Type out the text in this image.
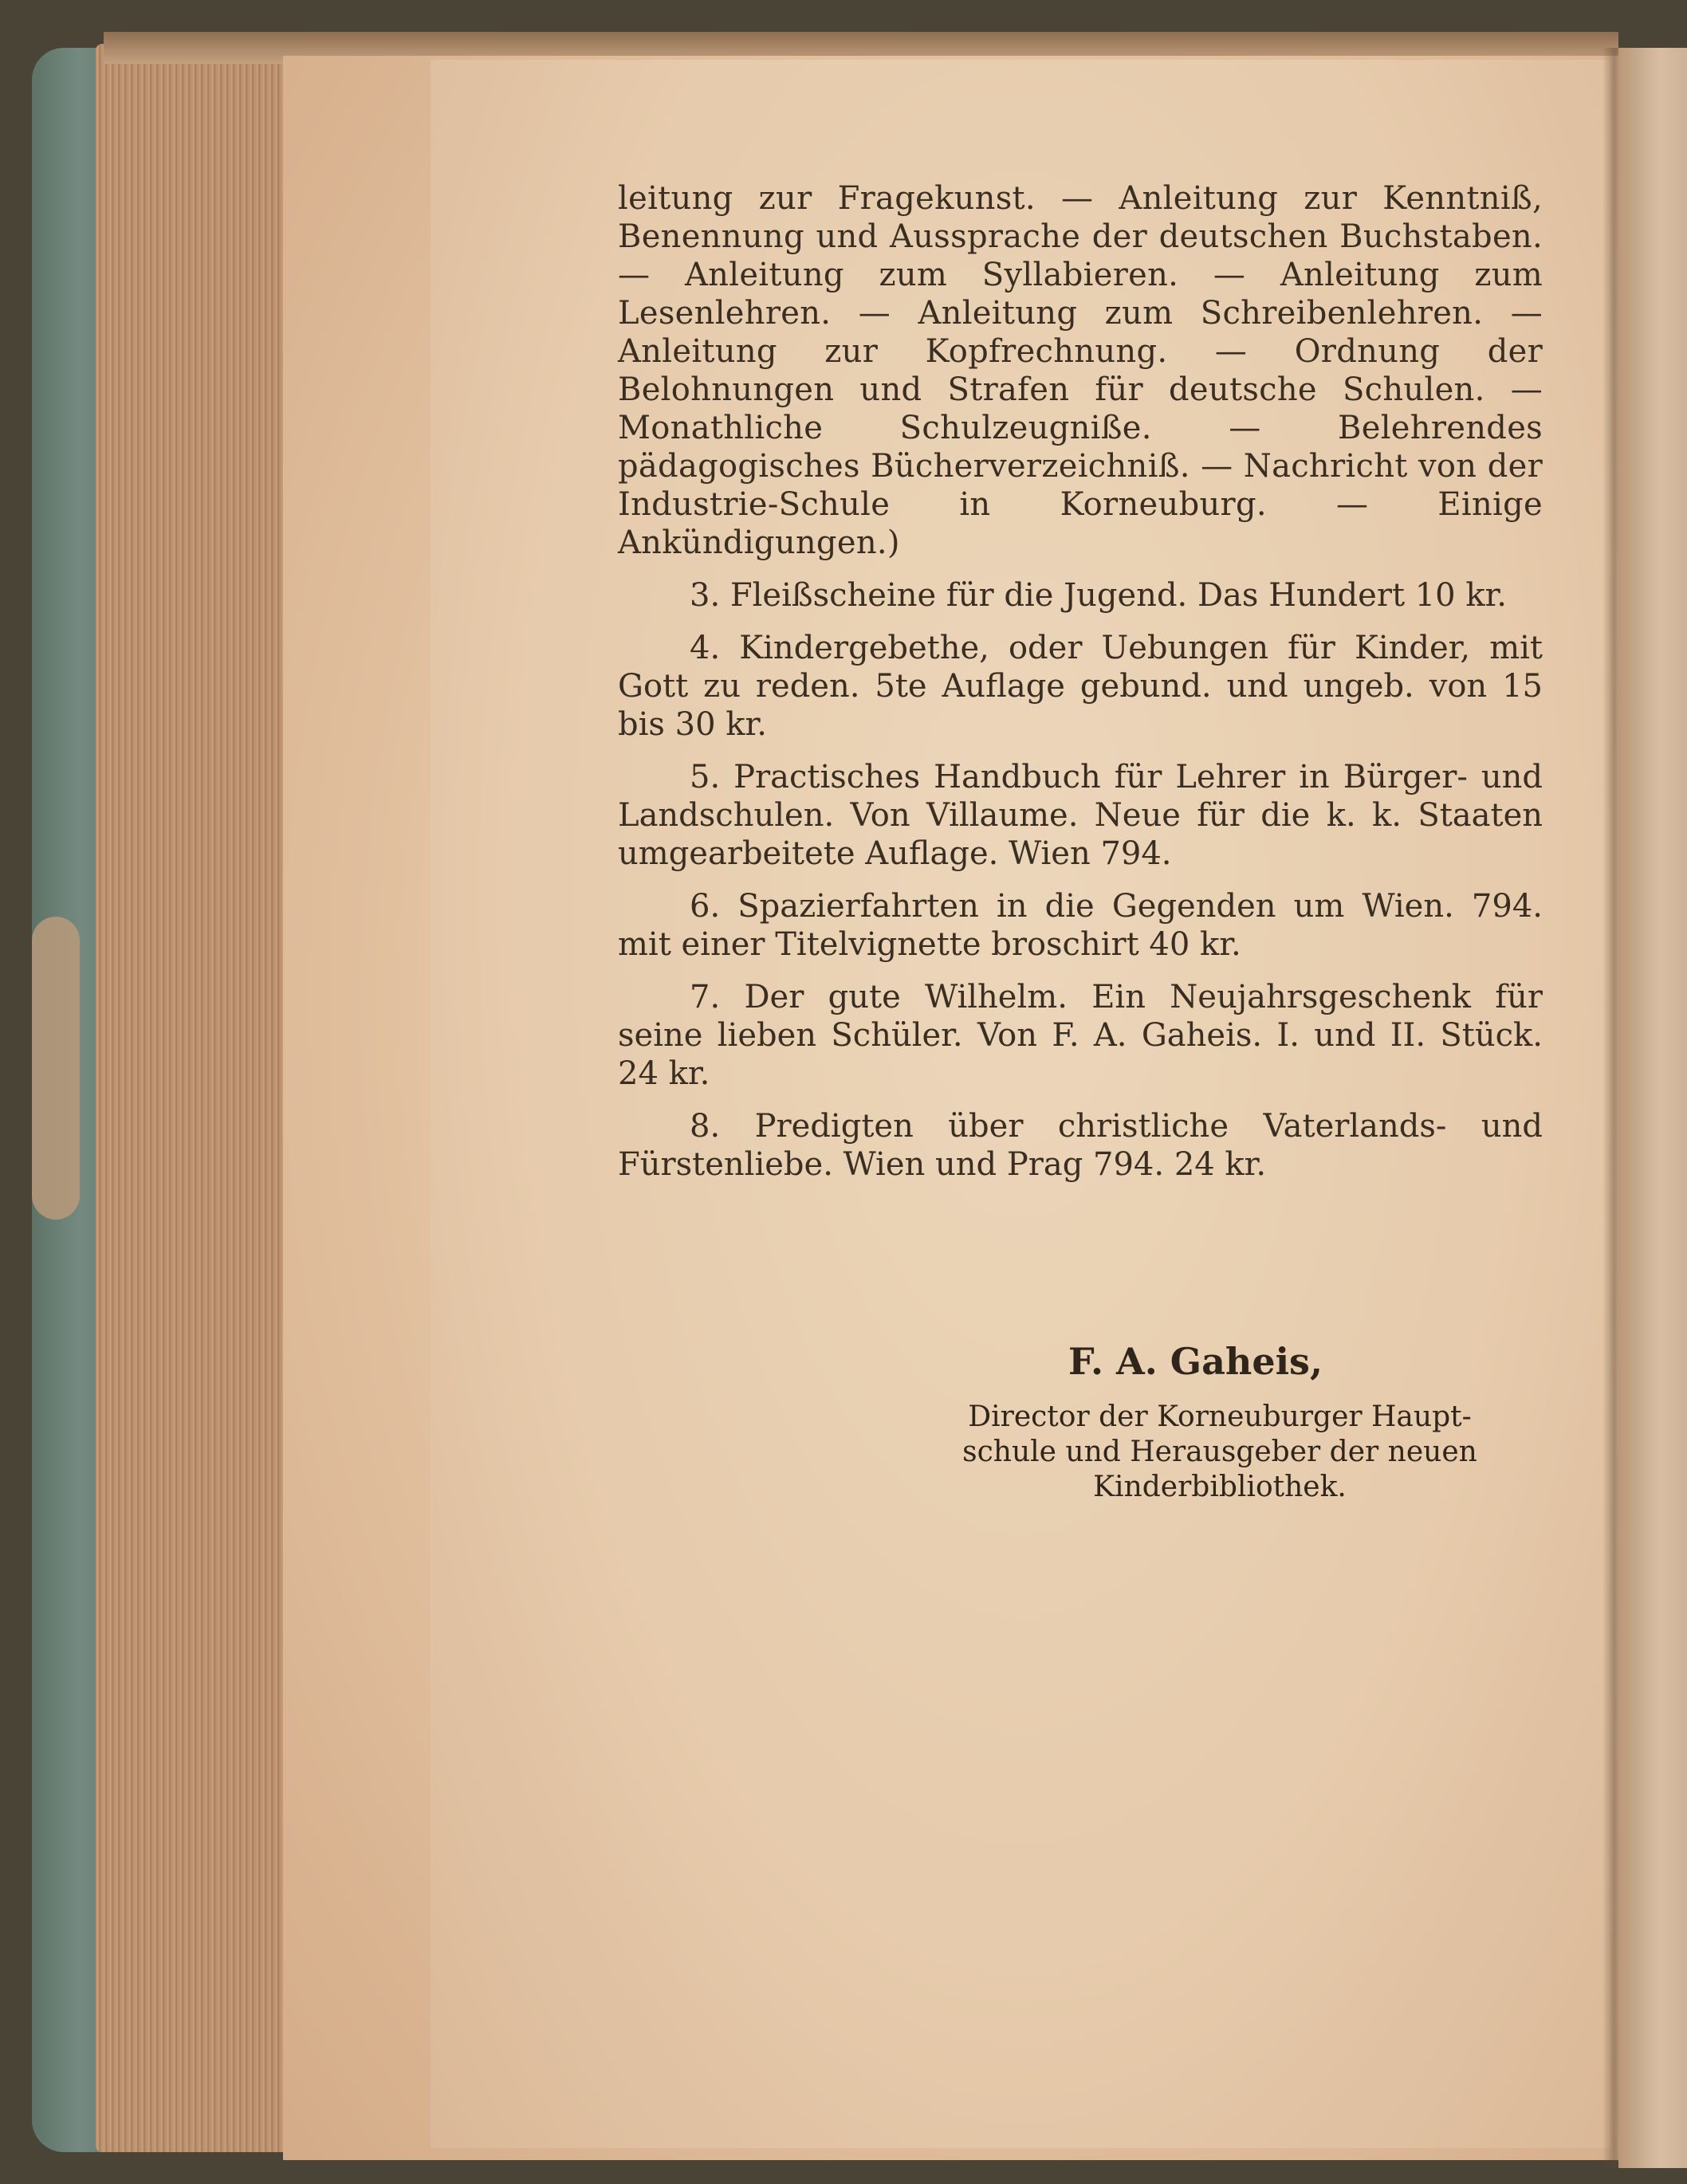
leitung zur Fragekunst. — Anleitung zur Kenntniß, Benennung und Aussprache der deutschen Buchstaben. — Anleitung zum Syllabieren. — Anleitung zum Lesenlehren. — Anleitung zum Schreibenlehren. — Anleitung zur Kopfrechnung. — Ordnung der Belohnungen und Strafen für deutsche Schulen. — Monathliche Schulzeugniße. — Belehrendes pädagogisches Bücherverzeichniß. — Nachricht von der Industrie-Schule in Korneuburg. — Einige Ankündigungen.)

3. Fleißscheine für die Jugend. Das Hundert 10 kr.

4. Kindergebethe, oder Uebungen für Kinder, mit Gott zu reden. 5te Auflage gebund. und ungeb. von 15 bis 30 kr.

5. Practisches Handbuch für Lehrer in Bürger- und Landschulen. Von Villaume. Neue für die k. k. Staaten umgearbeitete Auflage. Wien 794.

6. Spazierfahrten in die Gegenden um Wien. 794. mit einer Titelvignette broschirt 40 kr.

7. Der gute Wilhelm. Ein Neujahrsgeschenk für seine lieben Schüler. Von F. A. Gaheis. I. und II. Stück. 24 kr.

8. Predigten über christliche Vaterlands- und Fürstenliebe. Wien und Prag 794. 24 kr.

F. A. Gaheis,

Director der Korneuburger Haupt-
schule und Herausgeber der neuen
Kinderbibliothek.
